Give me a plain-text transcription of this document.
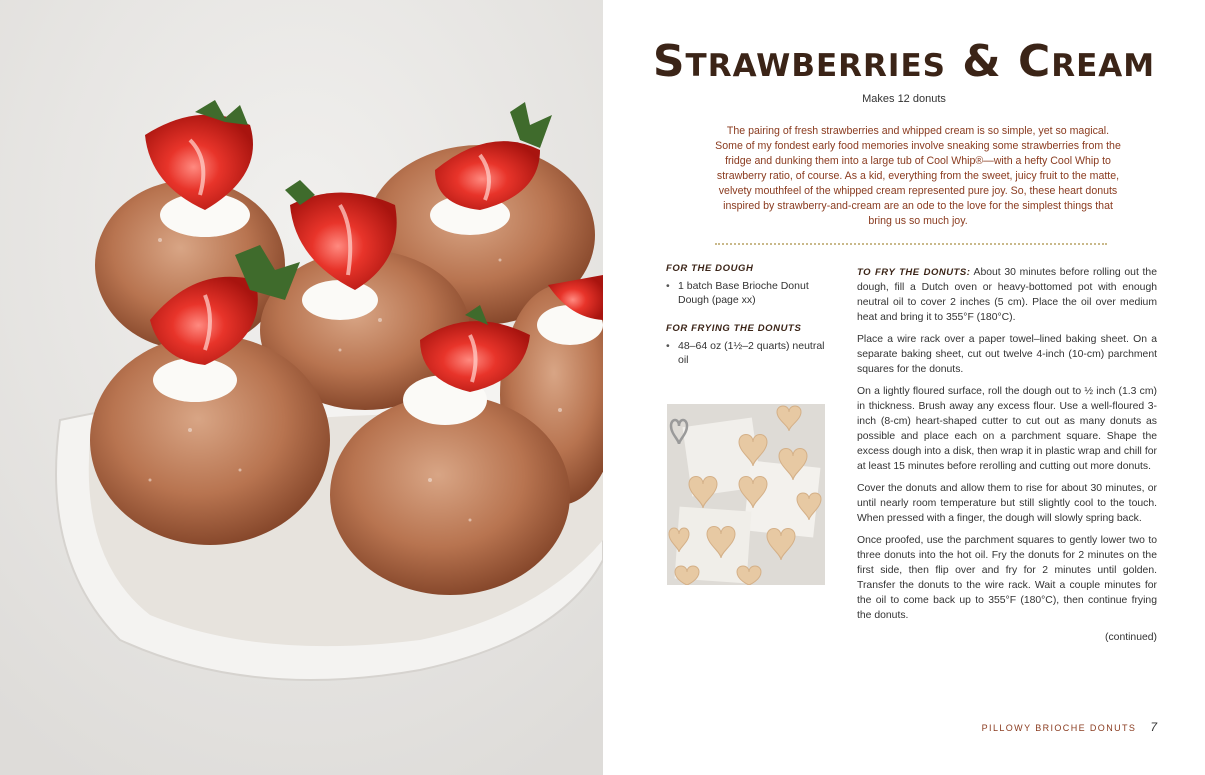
Strawberries & Cream
Makes 12 donuts

The pairing of fresh strawberries and whipped cream is so simple, yet so magical. Some of my fondest early food memories involve sneaking some strawberries from the fridge and dunking them into a large tub of Cool Whip®—with a hefty Cool Whip to strawberry ratio, of course. As a kid, everything from the sweet, juicy fruit to the matte, velvety mouthfeel of the whipped cream represented pure joy. So, these heart donuts inspired by strawberry-and-cream are an ode to the love for the simplest things that bring us so much joy.

FOR THE DOUGH
• 1 batch Base Brioche Donut Dough (page xx)
FOR FRYING THE DONUTS
• 48–64 oz (1½–2 quarts) neutral oil

TO FRY THE DONUTS: About 30 minutes before rolling out the dough, fill a Dutch oven or heavy-bottomed pot with enough neutral oil to cover 2 inches (5 cm). Place the oil over medium heat and bring it to 355°F (180°C).

Place a wire rack over a paper towel–lined baking sheet. On a separate baking sheet, cut out twelve 4-inch (10-cm) parchment squares for the donuts.

On a lightly floured surface, roll the dough out to ½ inch (1.3 cm) in thickness. Brush away any excess flour. Use a well-floured 3-inch (8-cm) heart-shaped cutter to cut out as many donuts as possible and place each on a parchment square. Shape the excess dough into a disk, then wrap it in plastic wrap and chill for at least 15 minutes before rerolling and cutting out more donuts.

Cover the donuts and allow them to rise for about 30 minutes, or until nearly room temperature but still slightly cool to the touch. When pressed with a finger, the dough will slowly spring back.

Once proofed, use the parchment squares to gently lower two to three donuts into the hot oil. Fry the donuts for 2 minutes on the first side, then flip over and fry for 2 minutes until golden. Transfer the donuts to the wire rack. Wait a couple minutes for the oil to come back up to 355°F (180°C), then continue frying the donuts.

(continued)

PILLOWY BRIOCHE DONUTS 7
